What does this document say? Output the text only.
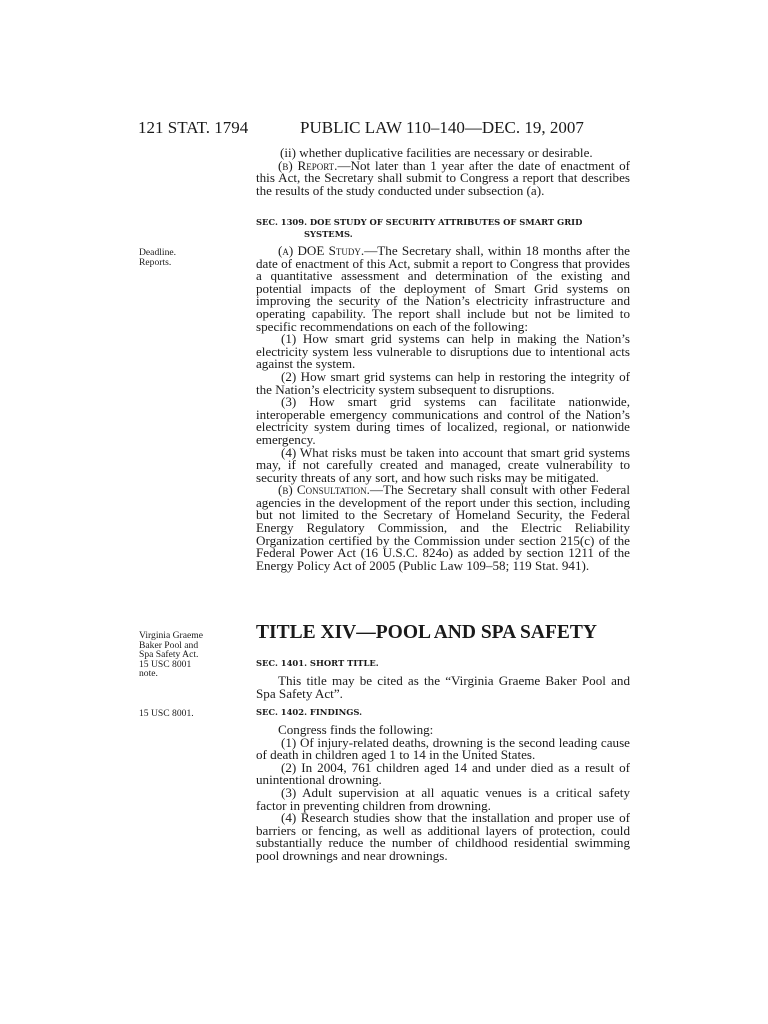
121 STAT. 1794	PUBLIC LAW 110–140—DEC. 19, 2007

(ii) whether duplicative facilities are necessary or desirable.

(b) Report.—Not later than 1 year after the date of enactment of this Act, the Secretary shall submit to Congress a report that describes the results of the study conducted under subsection (a).

SEC. 1309. DOE STUDY OF SECURITY ATTRIBUTES OF SMART GRID
SYSTEMS.
Deadline.
Reports.

(a) DOE Study.—The Secretary shall, within 18 months after the date of enactment of this Act, submit a report to Congress that provides a quantitative assessment and determination of the existing and potential impacts of the deployment of Smart Grid systems on improving the security of the Nation’s electricity infrastructure and operating capability. The report shall include but not be limited to specific recommendations on each of the following:

(1) How smart grid systems can help in making the Nation’s electricity system less vulnerable to disruptions due to intentional acts against the system.

(2) How smart grid systems can help in restoring the integrity of the Nation’s electricity system subsequent to disruptions.

(3) How smart grid systems can facilitate nationwide, interoperable emergency communications and control of the Nation’s electricity system during times of localized, regional, or nationwide emergency.

(4) What risks must be taken into account that smart grid systems may, if not carefully created and managed, create vulnerability to security threats of any sort, and how such risks may be mitigated.

(b) Consultation.—The Secretary shall consult with other Federal agencies in the development of the report under this section, including but not limited to the Secretary of Homeland Security, the Federal Energy Regulatory Commission, and the Electric Reliability Organization certified by the Commission under section 215(c) of the Federal Power Act (16 U.S.C. 824o) as added by section 1211 of the Energy Policy Act of 2005 (Public Law 109–58; 119 Stat. 941).

Virginia Graeme
Baker Pool and
Spa Safety Act.
15 USC 8001
note.
TITLE XIV—POOL AND SPA SAFETY
SEC. 1401. SHORT TITLE.

This title may be cited as the “Virginia Graeme Baker Pool and Spa Safety Act”.

15 USC 8001.	SEC. 1402. FINDINGS.

Congress finds the following:

(1) Of injury-related deaths, drowning is the second leading cause of death in children aged 1 to 14 in the United States.

(2) In 2004, 761 children aged 14 and under died as a result of unintentional drowning.

(3) Adult supervision at all aquatic venues is a critical safety factor in preventing children from drowning.

(4) Research studies show that the installation and proper use of barriers or fencing, as well as additional layers of protection, could substantially reduce the number of childhood residential swimming pool drownings and near drownings.
